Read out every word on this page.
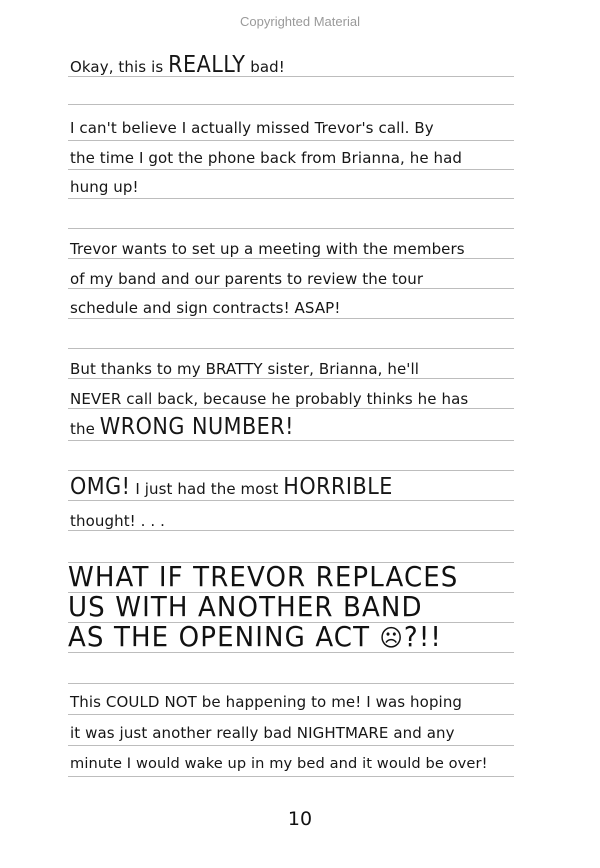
Copyrighted Material
Okay, this is REALLY bad!
I can't believe I actually missed Trevor's call. By
the time I got the phone back from Brianna, he had
hung up!
Trevor wants to set up a meeting with the members
of my band and our parents to review the tour
schedule and sign contracts! ASAP!
But thanks to my BRATTY sister, Brianna, he'll
NEVER call back, because he probably thinks he has
the WRONG NUMBER!
OMG! I just had the most HORRIBLE
thought! . . .
WHAT IF TREVOR REPLACES
US WITH ANOTHER BAND
AS THE OPENING ACT ☹?!!
This COULD NOT be happening to me! I was hoping
it was just another really bad NIGHTMARE and any
minute I would wake up in my bed and it would be over!
10
